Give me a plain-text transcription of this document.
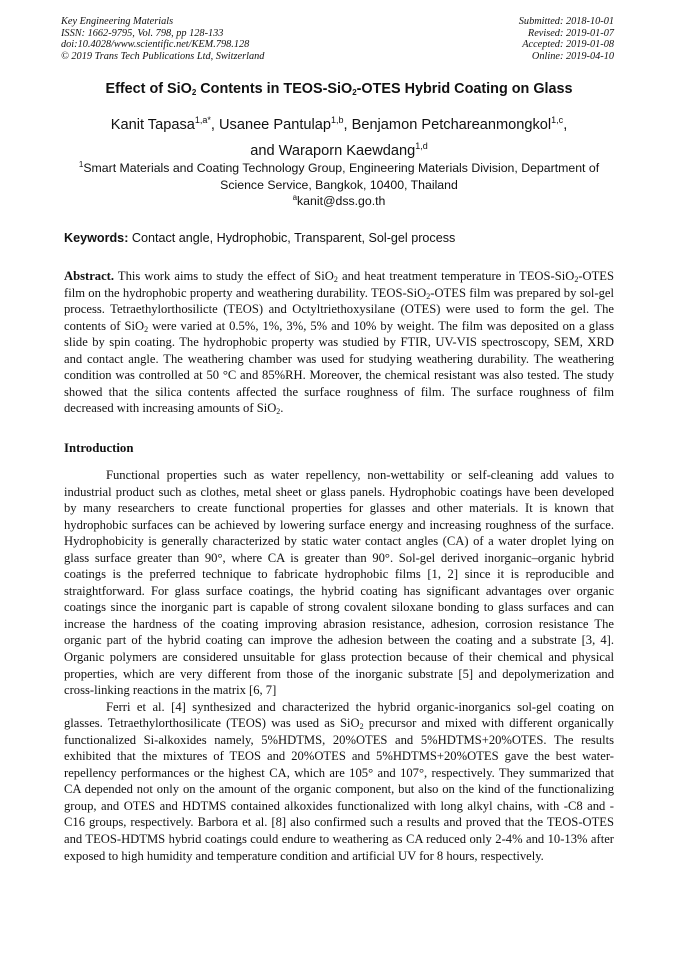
Key Engineering Materials
ISSN: 1662-9795, Vol. 798, pp 128-133
doi:10.4028/www.scientific.net/KEM.798.128
© 2019 Trans Tech Publications Ltd, Switzerland
Submitted: 2018-10-01
Revised: 2019-01-07
Accepted: 2019-01-08
Online: 2019-04-10
Effect of SiO$_2$ Contents in TEOS-SiO$_2$-OTES Hybrid Coating on Glass
Kanit Tapasa$^{1,a*}$, Usanee Pantulap$^{1,b}$, Benjamon Petchareanmongkol$^{1,c}$,
and Waraporn Kaewdang$^{1,d}$
$^1$Smart Materials and Coating Technology Group, Engineering Materials Division, Department of Science Service, Bangkok, 10400, Thailand
$^a$kanit@dss.go.th
Keywords: Contact angle, Hydrophobic, Transparent, Sol-gel process

Abstract. This work aims to study the effect of SiO$_2$ and heat treatment temperature in TEOS-SiO$_2$-OTES film on the hydrophobic property and weathering durability. TEOS-SiO$_2$-OTES film was prepared by sol-gel process. Tetraethylorthosilicte (TEOS) and Octyltriethoxysilane (OTES) were used to form the gel. The contents of SiO$_2$ were varied at 0.5%, 1%, 3%, 5% and 10% by weight. The film was deposited on a glass slide by spin coating. The hydrophobic property was studied by FTIR, UV-VIS spectroscopy, SEM, XRD and contact angle. The weathering chamber was used for studying weathering durability. The weathering condition was controlled at 50 °C and 85%RH. Moreover, the chemical resistant was also tested. The study showed that the silica contents affected the surface roughness of film. The surface roughness of film decreased with increasing amounts of SiO$_2$.

Introduction

Functional properties such as water repellency, non-wettability or self-cleaning add values to industrial product such as clothes, metal sheet or glass panels. Hydrophobic coatings have been developed by many researchers to create functional properties for glasses and other materials. It is known that hydrophobic surfaces can be achieved by lowering surface energy and increasing roughness of the surface. Hydrophobicity is generally characterized by static water contact angles (CA) of a water droplet lying on glass surface greater than 90°, where CA is greater than 90°. Sol-gel derived inorganic–organic hybrid coatings is the preferred technique to fabricate hydrophobic films [1, 2] since it is reproducible and straightforward. For glass surface coatings, the hybrid coating has significant advantages over organic coatings since the inorganic part is capable of strong covalent siloxane bonding to glass surfaces and can increase the hardness of the coating improving abrasion resistance, adhesion, corrosion resistance The organic part of the hybrid coating can improve the adhesion between the coating and a substrate [3, 4]. Organic polymers are considered unsuitable for glass protection because of their chemical and physical properties, which are very different from those of the inorganic substrate [5] and depolymerization and cross-linking reactions in the matrix [6, 7]

Ferri et al. [4] synthesized and characterized the hybrid organic-inorganics sol-gel coating on glasses. Tetraethylorthosilicate (TEOS) was used as SiO$_2$ precursor and mixed with different organically functionalized Si-alkoxides namely, 5%HDTMS, 20%OTES and 5%HDTMS+20%OTES. The results exhibited that the mixtures of TEOS and 20%OTES and 5%HDTMS+20%OTES gave the best water-repellency performances or the highest CA, which are 105° and 107°, respectively. They summarized that CA depended not only on the amount of the organic component, but also on the kind of the functionalizing group, and OTES and HDTMS contained alkoxides functionalized with long alkyl chains, with -C8 and -C16 groups, respectively. Barbora et al. [8] also confirmed such a results and proved that the TEOS-OTES and TEOS-HDTMS hybrid coatings could endure to weathering as CA reduced only 2-4% and 10-13% after exposed to high humidity and temperature condition and artificial UV for 8 hours, respectively.
